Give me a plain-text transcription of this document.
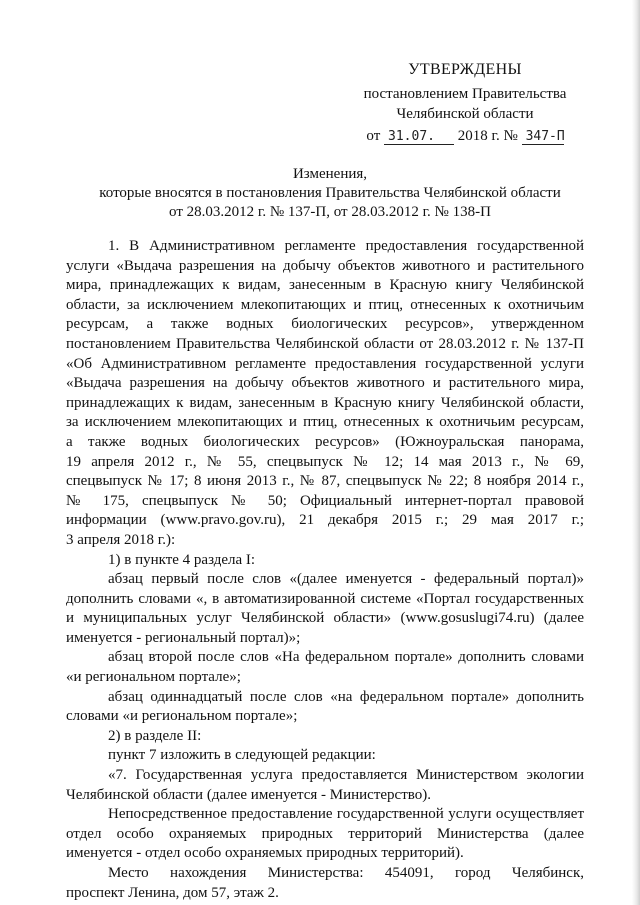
УТВЕРЖДЕНЫ
постановлением Правительства
Челябинской области
от 31.07. 2018 г. № 347-П
Изменения,
которые вносятся в постановления Правительства Челябинской области
от 28.03.2012 г. № 137-П, от 28.03.2012 г. № 138-П
1. В Административном регламенте предоставления государственной
услуги «Выдача разрешения на добычу объектов животного и растительного
мира, принадлежащих к видам, занесенным в Красную книгу Челябинской
области, за исключением млекопитающих и птиц, отнесенных к охотничьим
ресурсам, а также водных биологических ресурсов», утвержденном
постановлением Правительства Челябинской области от 28.03.2012 г. № 137-П
«Об Административном регламенте предоставления государственной услуги
«Выдача разрешения на добычу объектов животного и растительного мира,
принадлежащих к видам, занесенным в Красную книгу Челябинской области,
за исключением млекопитающих и птиц, отнесенных к охотничьим ресурсам,
а также водных биологических ресурсов» (Южноуральская панорама,
19 апреля 2012 г., № 55, спецвыпуск № 12; 14 мая 2013 г., № 69,
спецвыпуск № 17; 8 июня 2013 г., № 87, спецвыпуск № 22; 8 ноября 2014 г.,
№ 175, спецвыпуск № 50; Официальный интернет-портал правовой
информации (www.pravo.gov.ru), 21 декабря 2015 г.; 29 мая 2017 г.;
3 апреля 2018 г.):
1) в пункте 4 раздела I:
абзац первый после слов «(далее именуется - федеральный портал)»
дополнить словами «, в автоматизированной системе «Портал государственных
и муниципальных услуг Челябинской области» (www.gosuslugi74.ru) (далее
именуется - региональный портал)»;
абзац второй после слов «На федеральном портале» дополнить словами
«и региональном портале»;
абзац одиннадцатый после слов «на федеральном портале» дополнить
словами «и региональном портале»;
2) в разделе II:
пункт 7 изложить в следующей редакции:
«7. Государственная услуга предоставляется Министерством экологии
Челябинской области (далее именуется - Министерство).
Непосредственное предоставление государственной услуги осуществляет
отдел особо охраняемых природных территорий Министерства (далее
именуется - отдел особо охраняемых природных территорий).
Место нахождения Министерства: 454091, город Челябинск,
проспект Ленина, дом 57, этаж 2.
